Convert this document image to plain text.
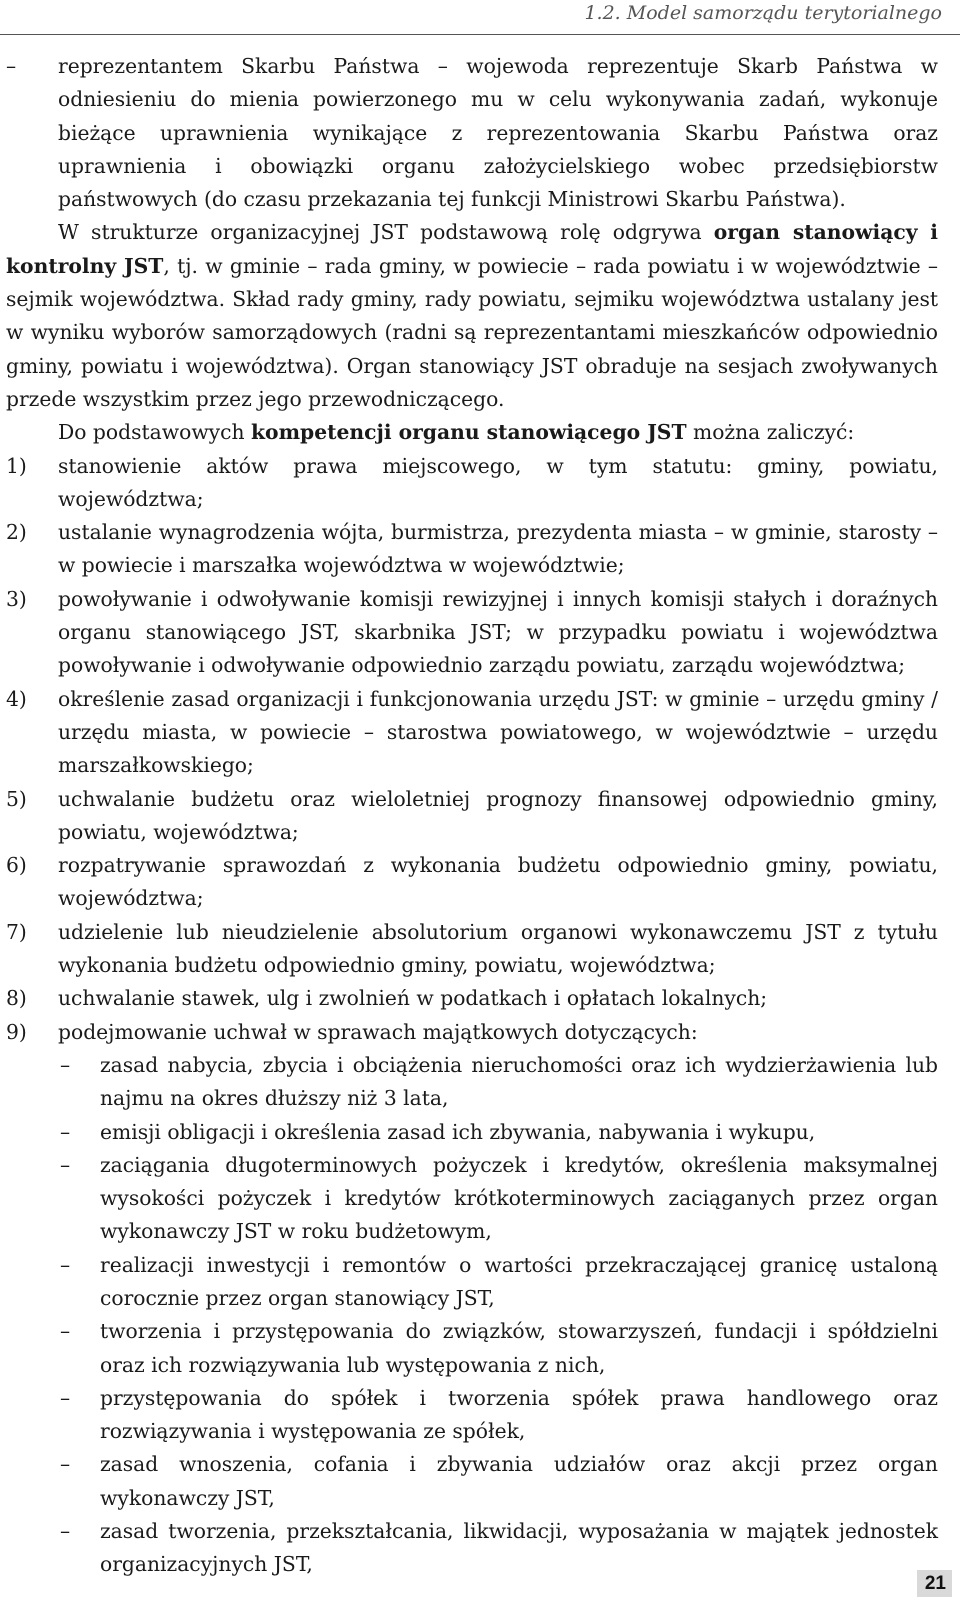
1.2. Model samorządu terytorialnego

– reprezentantem Skarbu Państwa – wojewoda reprezentuje Skarb Państwa w odniesieniu do mienia powierzonego mu w celu wykonywania zadań, wykonuje bieżące uprawnienia wynikające z reprezentowania Skarbu Państwa oraz uprawnienia i obowiązki organu założycielskiego wobec przedsiębiorstw państwowych (do czasu przekazania tej funkcji Ministrowi Skarbu Państwa).

W strukturze organizacyjnej JST podstawową rolę odgrywa organ stanowiący i kontrolny JST, tj. w gminie – rada gminy, w powiecie – rada powiatu i w województwie – sejmik województwa. Skład rady gminy, rady powiatu, sejmiku województwa ustalany jest w wyniku wyborów samorządowych (radni są reprezentantami mieszkańców odpowiednio gminy, powiatu i województwa). Organ stanowiący JST obraduje na sesjach zwoływanych przede wszystkim przez jego przewodniczącego.

Do podstawowych kompetencji organu stanowiącego JST można zaliczyć:

1)	stanowienie aktów prawa miejscowego, w tym statutu: gminy, powiatu, województwa;
2)	ustalanie wynagrodzenia wójta, burmistrza, prezydenta miasta – w gminie, starosty – w powiecie i marszałka województwa w województwie;
3)	powoływanie i odwoływanie komisji rewizyjnej i innych komisji stałych i doraźnych organu stanowiącego JST, skarbnika JST; w przypadku powiatu i województwa powoływanie i odwoływanie odpowiednio zarządu powiatu, zarządu województwa;
4)	określenie zasad organizacji i funkcjonowania urzędu JST: w gminie – urzędu gminy / urzędu miasta, w powiecie – starostwa powiatowego, w województwie – urzędu marszałkowskiego;
5)	uchwalanie budżetu oraz wieloletniej prognozy finansowej odpowiednio gminy, powiatu, województwa;
6)	rozpatrywanie sprawozdań z wykonania budżetu odpowiednio gminy, powiatu, województwa;
7)	udzielenie lub nieudzielenie absolutorium organowi wykonawczemu JST z tytułu wykonania budżetu odpowiednio gminy, powiatu, województwa;
8)	uchwalanie stawek, ulg i zwolnień w podatkach i opłatach lokalnych;
9)	podejmowanie uchwał w sprawach majątkowych dotyczących:
– zasad nabycia, zbycia i obciążenia nieruchomości oraz ich wydzierżawienia lub najmu na okres dłuższy niż 3 lata,
– emisji obligacji i określenia zasad ich zbywania, nabywania i wykupu,
– zaciągania długoterminowych pożyczek i kredytów, określenia maksymalnej wysokości pożyczek i kredytów krótkoterminowych zaciąganych przez organ wykonawczy JST w roku budżetowym,
– realizacji inwestycji i remontów o wartości przekraczającej granicę ustaloną corocznie przez organ stanowiący JST,
– tworzenia i przystępowania do związków, stowarzyszeń, fundacji i spółdzielni oraz ich rozwiązywania lub występowania z nich,
– przystępowania do spółek i tworzenia spółek prawa handlowego oraz rozwiązywania i występowania ze spółek,
– zasad wnoszenia, cofania i zbywania udziałów oraz akcji przez organ wykonawczy JST,
– zasad tworzenia, przekształcania, likwidacji, wyposażania w majątek jednostek organizacyjnych JST,
21
